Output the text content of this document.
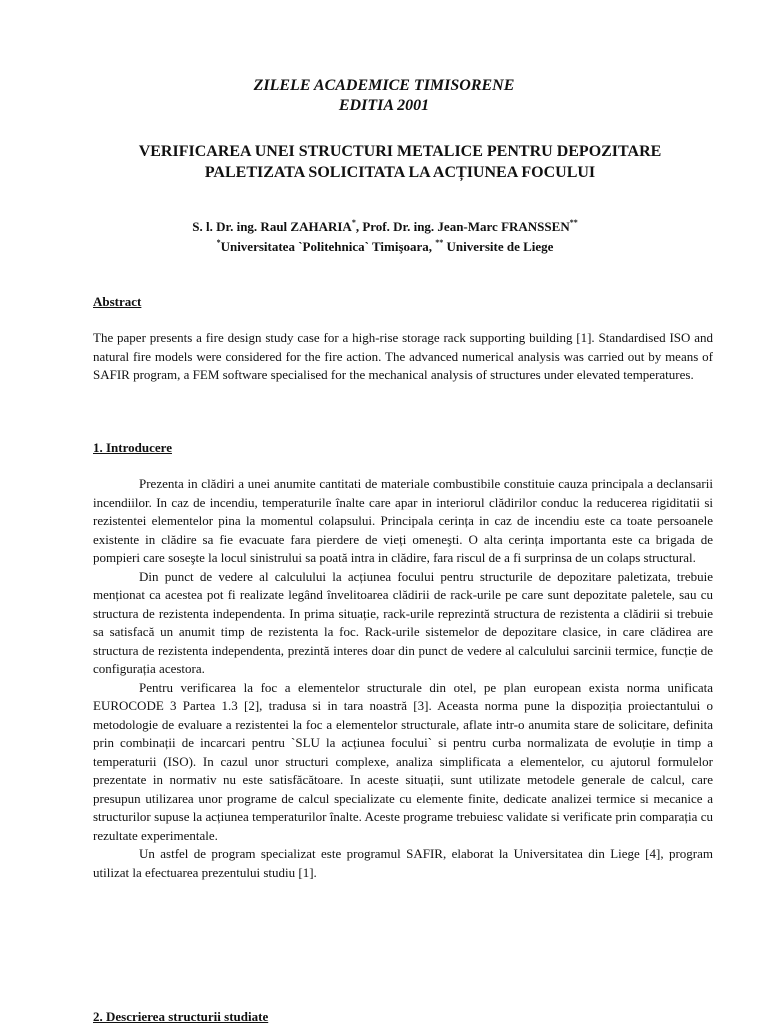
ZILELE ACADEMICE TIMISORENE
EDITIA 2001
VERIFICAREA UNEI STRUCTURI METALICE PENTRU DEPOZITARE
PALETIZATA SOLICITATA LA ACȚIUNEA FOCULUI
S. l. Dr. ing. Raul ZAHARIA*, Prof. Dr. ing. Jean-Marc FRANSSEN**
*Universitatea `Politehnica` Timişoara, ** Universite de Liege
Abstract

The paper presents a fire design study case for a high-rise storage rack supporting building [1]. Standardised ISO and natural fire models were considered for the fire action. The advanced numerical analysis was carried out by means of SAFIR program, a FEM software specialised for the mechanical analysis of structures under elevated temperatures.

1. Introducere

Prezenta in clădiri a unei anumite cantitati de materiale combustibile constituie cauza principala a declansarii incendiilor. In caz de incendiu, temperaturile înalte care apar in interiorul clădirilor conduc la reducerea rigiditatii si rezistentei elementelor pina la momentul colapsului. Principala cerința in caz de incendiu este ca toate persoanele existente in clădire sa fie evacuate fara pierdere de vieți omeneşti. O alta cerința importanta este ca brigada de pompieri care soseşte la locul sinistrului sa poată intra in clădire, fara riscul de a fi surprinsa de un colaps structural.

Din punct de vedere al calculului la acțiunea focului pentru structurile de depozitare paletizata, trebuie menționat ca acestea pot fi realizate legând învelitoarea clădirii de rack-urile pe care sunt depozitate paletele, sau cu structura de rezistenta independenta. In prima situație, rack-urile reprezintă structura de rezistenta a clădirii si trebuie sa satisfacă un anumit timp de rezistenta la foc. Rack-urile sistemelor de depozitare clasice, in care clădirea are structura de rezistenta independenta, prezintă interes doar din punct de vedere al calculului sarcinii termice, funcție de configurația acestora.

Pentru verificarea la foc a elementelor structurale din otel, pe plan european exista norma unificata EUROCODE 3 Partea 1.3 [2], tradusa si in tara noastră [3]. Aceasta norma pune la dispoziția proiectantului o metodologie de evaluare a rezistentei la foc a elementelor structurale, aflate intr-o anumita stare de solicitare, definita prin combinații de incarcari pentru `SLU la acțiunea focului` si pentru curba normalizata de evoluție in timp a temperaturii (ISO). In cazul unor structuri complexe, analiza simplificata a elementelor, cu ajutorul formulelor prezentate in normativ nu este satisfăcătoare. In aceste situații, sunt utilizate metodele generale de calcul, care presupun utilizarea unor programe de calcul specializate cu elemente finite, dedicate analizei termice si mecanice a structurilor supuse la acțiunea temperaturilor înalte. Aceste programe trebuiesc validate si verificate prin comparația cu rezultate experimentale.

Un astfel de program specializat este programul SAFIR, elaborat la Universitatea din Liege [4], program utilizat la efectuarea prezentului studiu [1].

2. Descrierea structurii studiate
